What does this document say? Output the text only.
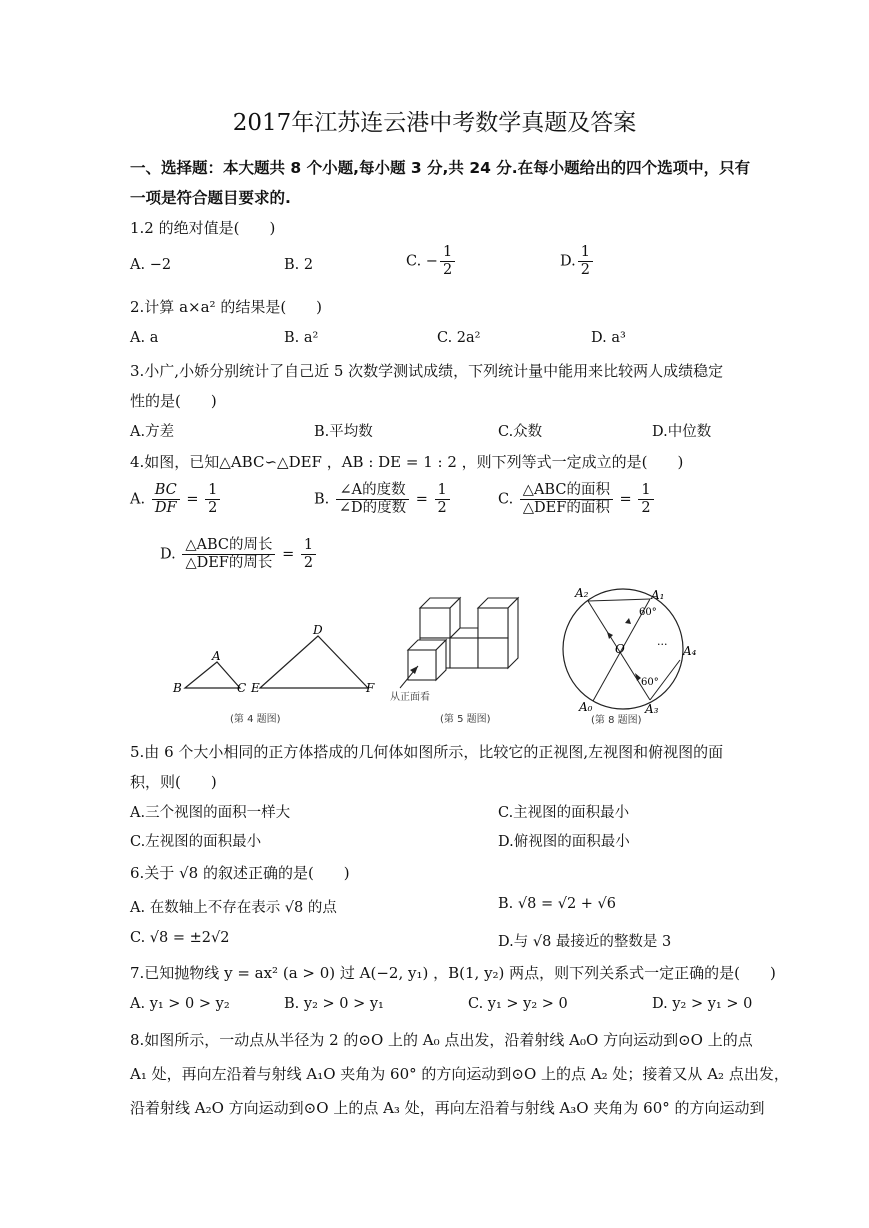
2017年江苏连云港中考数学真题及答案
一、选择题：本大题共 8 个小题,每小题 3 分,共 24 分.在每小题给出的四个选项中，只有
一项是符合题目要求的.
1.2 的绝对值是(　　)
A. −2	B. 2	C. − $\frac{1}{2}$	D. $\frac{1}{2}$
2.计算 a×a² 的结果是(　　)
A. a	B. a²	C. 2a²	D. a³
3.小广,小娇分别统计了自己近 5 次数学测试成绩，下列统计量中能用来比较两人成绩稳定
性的是(　　)
A.方差	B.平均数	C.众数	D.中位数
4.如图，已知△ABC∽△DEF ，AB : DE = 1 : 2 ，则下列等式一定成立的是(　　)
A. $\frac{BC}{DF} = \frac{1}{2}$	B. $\frac{\text{∠A的度数}}{\text{∠D的度数}} = \frac{1}{2}$	C. $\frac{\text{△ABC的面积}}{\text{△DEF的面积}} = \frac{1}{2}$
D. $\frac{\text{△ABC的周长}}{\text{△DEF的周长}} = \frac{1}{2}$
A
B	C
D
E	F
(第 4 题图)
从正面看
(第 5 题图)
A₂	A₁
60°
O	··· A₄
60°
A₀	A₃
(第 8 题图)
5.由 6 个大小相同的正方体搭成的几何体如图所示，比较它的正视图,左视图和俯视图的面
积，则(　　)
A.三个视图的面积一样大	C.主视图的面积最小
C.左视图的面积最小	D.俯视图的面积最小
6.关于 √8 的叙述正确的是(　　)
A. 在数轴上不存在表示 √8 的点	B. √8 = √2 + √6
C. √8 = ±2√2	D.与 √8 最接近的整数是 3
7.已知抛物线 y = ax² (a > 0) 过 A(−2, y₁) ，B(1, y₂) 两点，则下列关系式一定正确的是(　　)
A. y₁ > 0 > y₂	B. y₂ > 0 > y₁	C. y₁ > y₂ > 0	D. y₂ > y₁ > 0
8.如图所示，一动点从半径为 2 的⊙O 上的 A₀ 点出发，沿着射线 A₀O 方向运动到⊙O 上的点
A₁ 处，再向左沿着与射线 A₁O 夹角为 60° 的方向运动到⊙O 上的点 A₂ 处；接着又从 A₂ 点出发，
沿着射线 A₂O 方向运动到⊙O 上的点 A₃ 处，再向左沿着与射线 A₃O 夹角为 60° 的方向运动到
